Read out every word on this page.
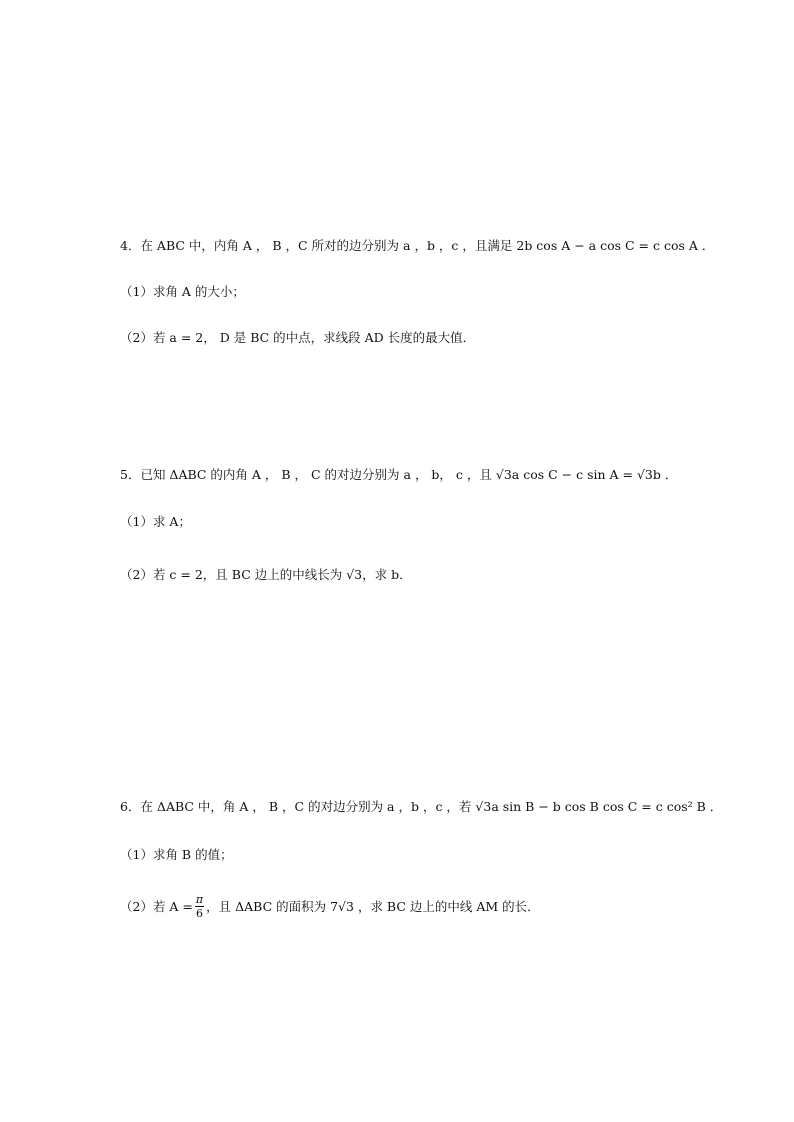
4．在 ABC 中，内角 A ， B ，C 所对的边分别为 a ，b ，c ，且满足 2b cos A − a cos C = c cos A ．
（1）求角 A 的大小；
（2）若 a = 2， D 是 BC 的中点，求线段 AD 长度的最大值．
5．已知 ΔABC 的内角 A ， B ， C 的对边分别为 a ， b， c ，且 √3a cos C − c sin A = √3b ．
（1）求 A；
（2）若 c = 2，且 BC 边上的中线长为 √3，求 b．
6．在 ΔABC 中，角 A ， B ，C 的对边分别为 a ，b ，c ，若 √3a sin B − b cos B cos C = c cos² B ．
（1）求角 B 的值；
（2）若 $A = \frac{\pi}{6}$ ，且 ΔABC 的面积为 7√3 ，求 BC 边上的中线 AM 的长．
